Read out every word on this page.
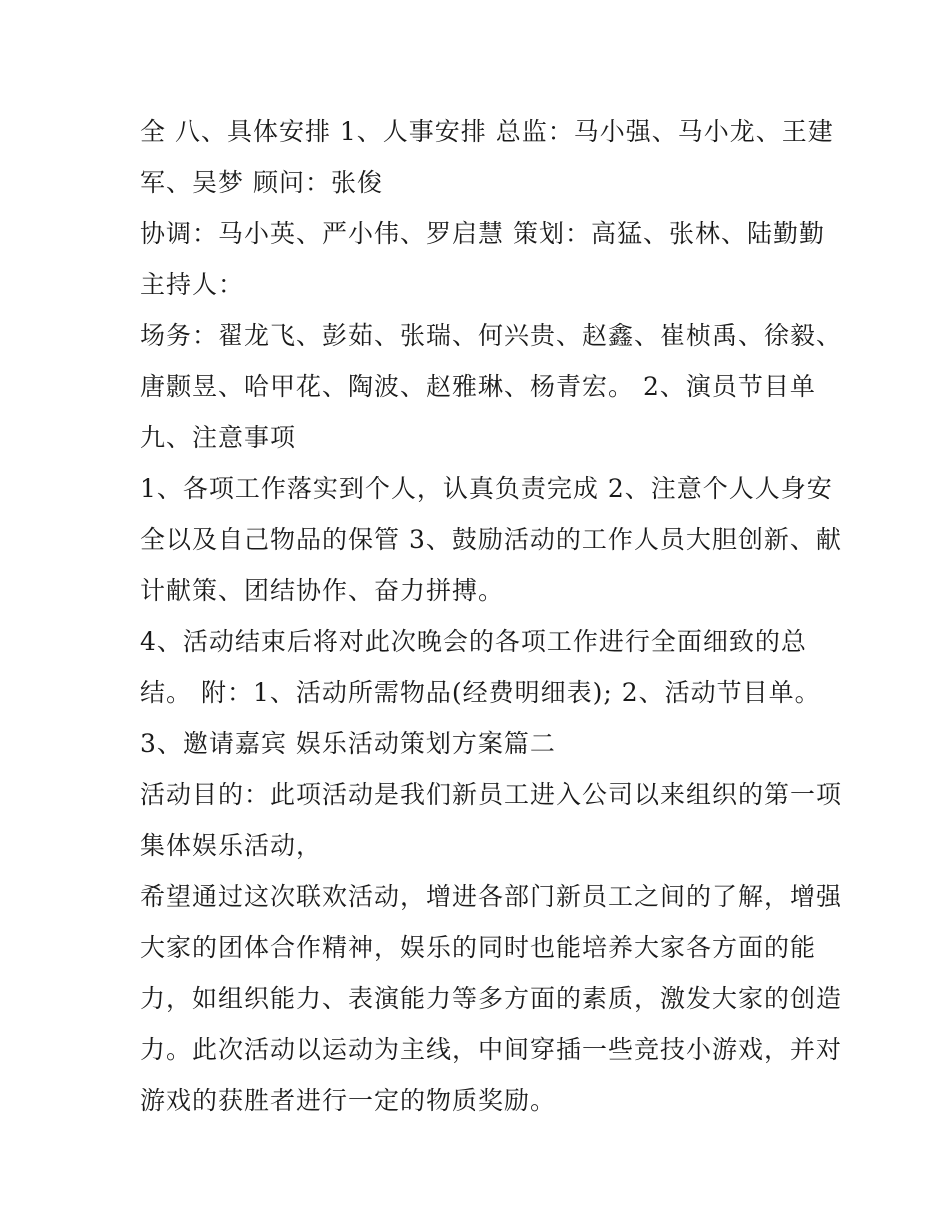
全 八、具体安排 1、人事安排 总监：马小强、马小龙、王建
军、吴梦 顾问：张俊
协调：马小英、严小伟、罗启慧 策划：高猛、张林、陆勤勤
主持人：
场务：翟龙飞、彭茹、张瑞、何兴贵、赵鑫、崔桢禹、徐毅、
唐颢昱、哈甲花、陶波、赵雅琳、杨青宏。 2、演员节目单
九、注意事项
1、各项工作落实到个人，认真负责完成 2、注意个人人身安
全以及自己物品的保管 3、鼓励活动的工作人员大胆创新、献
计献策、团结协作、奋力拼搏。
4、活动结束后将对此次晚会的各项工作进行全面细致的总
结。 附：1、活动所需物品(经费明细表); 2、活动节目单。
3、邀请嘉宾 娱乐活动策划方案篇二
活动目的：此项活动是我们新员工进入公司以来组织的第一项
集体娱乐活动，
希望通过这次联欢活动，增进各部门新员工之间的了解，增强
大家的团体合作精神，娱乐的同时也能培养大家各方面的能
力，如组织能力、表演能力等多方面的素质，激发大家的创造
力。此次活动以运动为主线，中间穿插一些竞技小游戏，并对
游戏的获胜者进行一定的物质奖励。
